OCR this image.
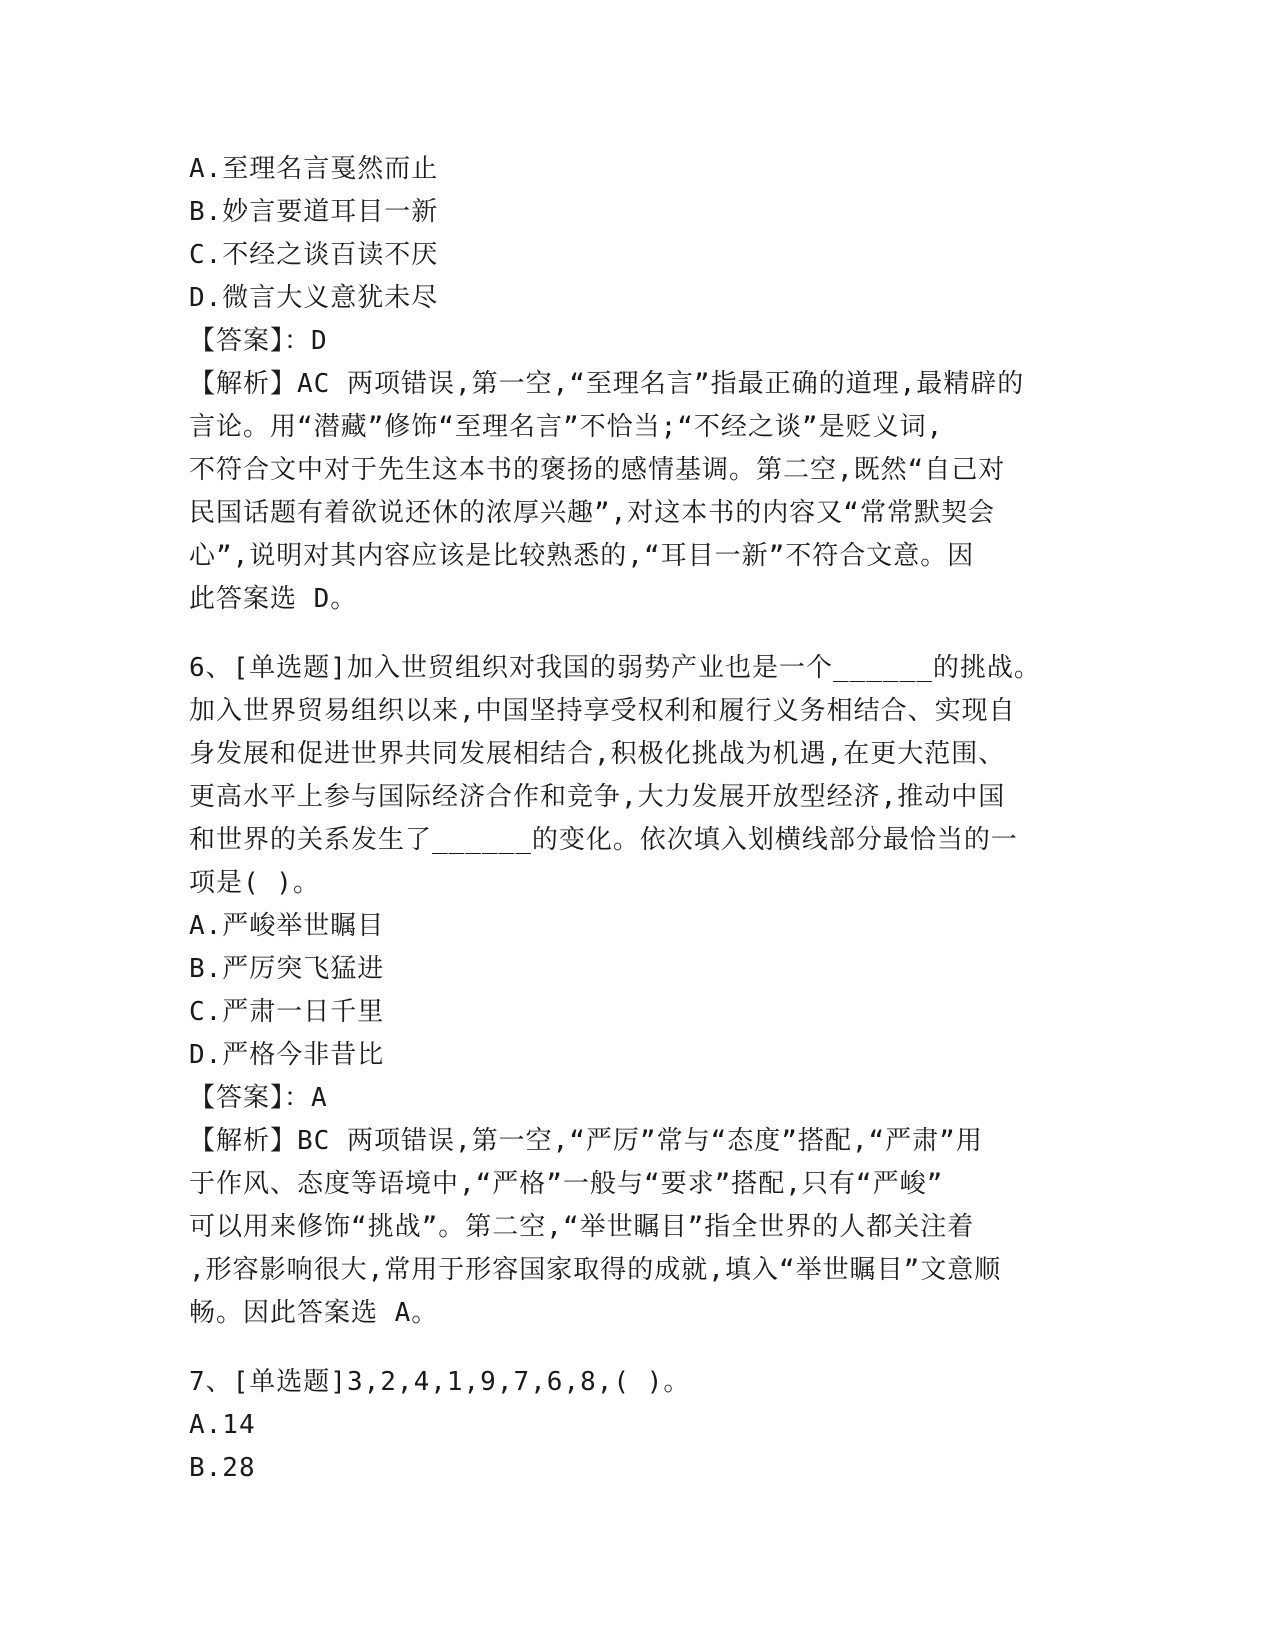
A.至理名言戛然而止
B.妙言要道耳目一新
C.不经之谈百读不厌
D.微言大义意犹未尽
【答案】：D
【解析】AC 两项错误,第一空,“至理名言”指最正确的道理,最精辟的
言论。用“潜藏”修饰“至理名言”不恰当;“不经之谈”是贬义词,
不符合文中对于先生这本书的褒扬的感情基调。第二空,既然“自己对
民国话题有着欲说还休的浓厚兴趣”,对这本书的内容又“常常默契会
心”,说明对其内容应该是比较熟悉的,“耳目一新”不符合文意。因
此答案选 D。
6、[单选题]加入世贸组织对我国的弱势产业也是一个______的挑战。
加入世界贸易组织以来,中国坚持享受权利和履行义务相结合、实现自
身发展和促进世界共同发展相结合,积极化挑战为机遇,在更大范围、
更高水平上参与国际经济合作和竞争,大力发展开放型经济,推动中国
和世界的关系发生了______的变化。依次填入划横线部分最恰当的一
项是( )。
A.严峻举世瞩目
B.严厉突飞猛进
C.严肃一日千里
D.严格今非昔比
【答案】：A
【解析】BC 两项错误,第一空,“严厉”常与“态度”搭配,“严肃”用
于作风、态度等语境中,“严格”一般与“要求”搭配,只有“严峻”
可以用来修饰“挑战”。第二空,“举世瞩目”指全世界的人都关注着
,形容影响很大,常用于形容国家取得的成就,填入“举世瞩目”文意顺
畅。因此答案选 A。
7、[单选题]3,2,4,1,9,7,6,8,( )。
A.14
B.28
